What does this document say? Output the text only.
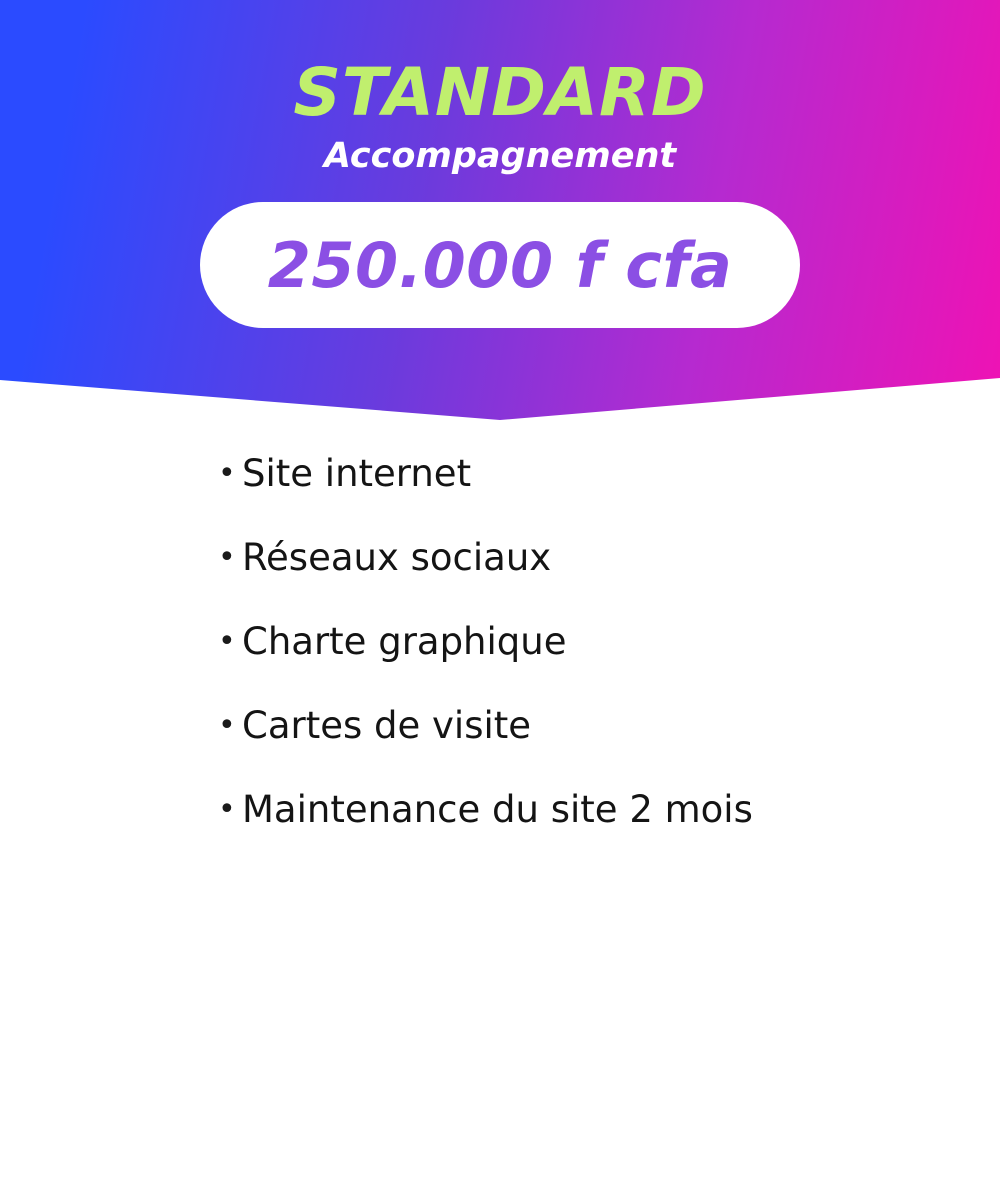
STANDARD
Accompagnement
250.000 f cfa
• Site internet
• Réseaux sociaux
• Charte graphique
• Cartes de visite
• Maintenance du site 2 mois
